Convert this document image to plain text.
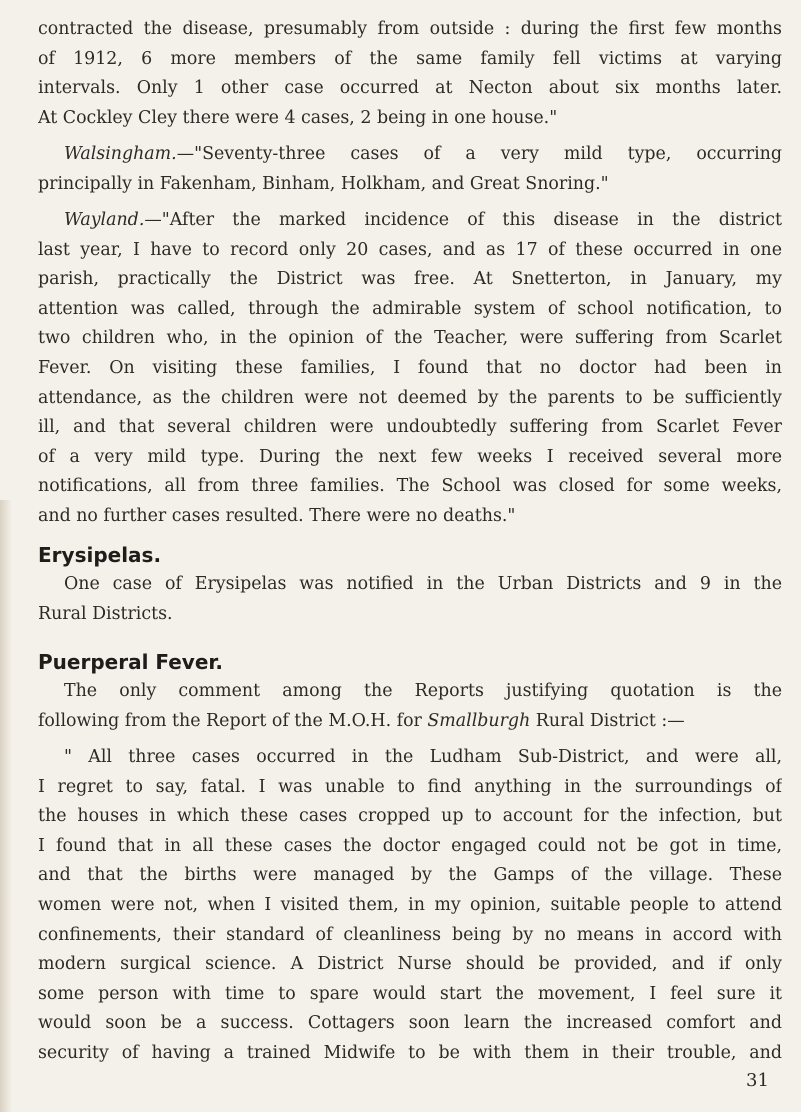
contracted the disease, presumably from outside : during the first few months
of 1912, 6 more members of the same family fell victims at varying
intervals. Only 1 other case occurred at Necton about six months later.
At Cockley Cley there were 4 cases, 2 being in one house."
Walsingham.—"Seventy-three cases of a very mild type, occurring
principally in Fakenham, Binham, Holkham, and Great Snoring."
Wayland.—"After the marked incidence of this disease in the district
last year, I have to record only 20 cases, and as 17 of these occurred in one
parish, practically the District was free. At Snetterton, in January, my
attention was called, through the admirable system of school notification, to
two children who, in the opinion of the Teacher, were suffering from Scarlet
Fever. On visiting these families, I found that no doctor had been in
attendance, as the children were not deemed by the parents to be sufficiently
ill, and that several children were undoubtedly suffering from Scarlet Fever
of a very mild type. During the next few weeks I received several more
notifications, all from three families. The School was closed for some weeks,
and no further cases resulted. There were no deaths."
Erysipelas.
One case of Erysipelas was notified in the Urban Districts and 9 in the
Rural Districts.
Puerperal Fever.
The only comment among the Reports justifying quotation is the
following from the Report of the M.O.H. for Smallburgh Rural District :—
" All three cases occurred in the Ludham Sub-District, and were all,
I regret to say, fatal. I was unable to find anything in the surroundings of
the houses in which these cases cropped up to account for the infection, but
I found that in all these cases the doctor engaged could not be got in time,
and that the births were managed by the Gamps of the village. These
women were not, when I visited them, in my opinion, suitable people to attend
confinements, their standard of cleanliness being by no means in accord with
modern surgical science. A District Nurse should be provided, and if only
some person with time to spare would start the movement, I feel sure it
would soon be a success. Cottagers soon learn the increased comfort and
security of having a trained Midwife to be with them in their trouble, and
31
